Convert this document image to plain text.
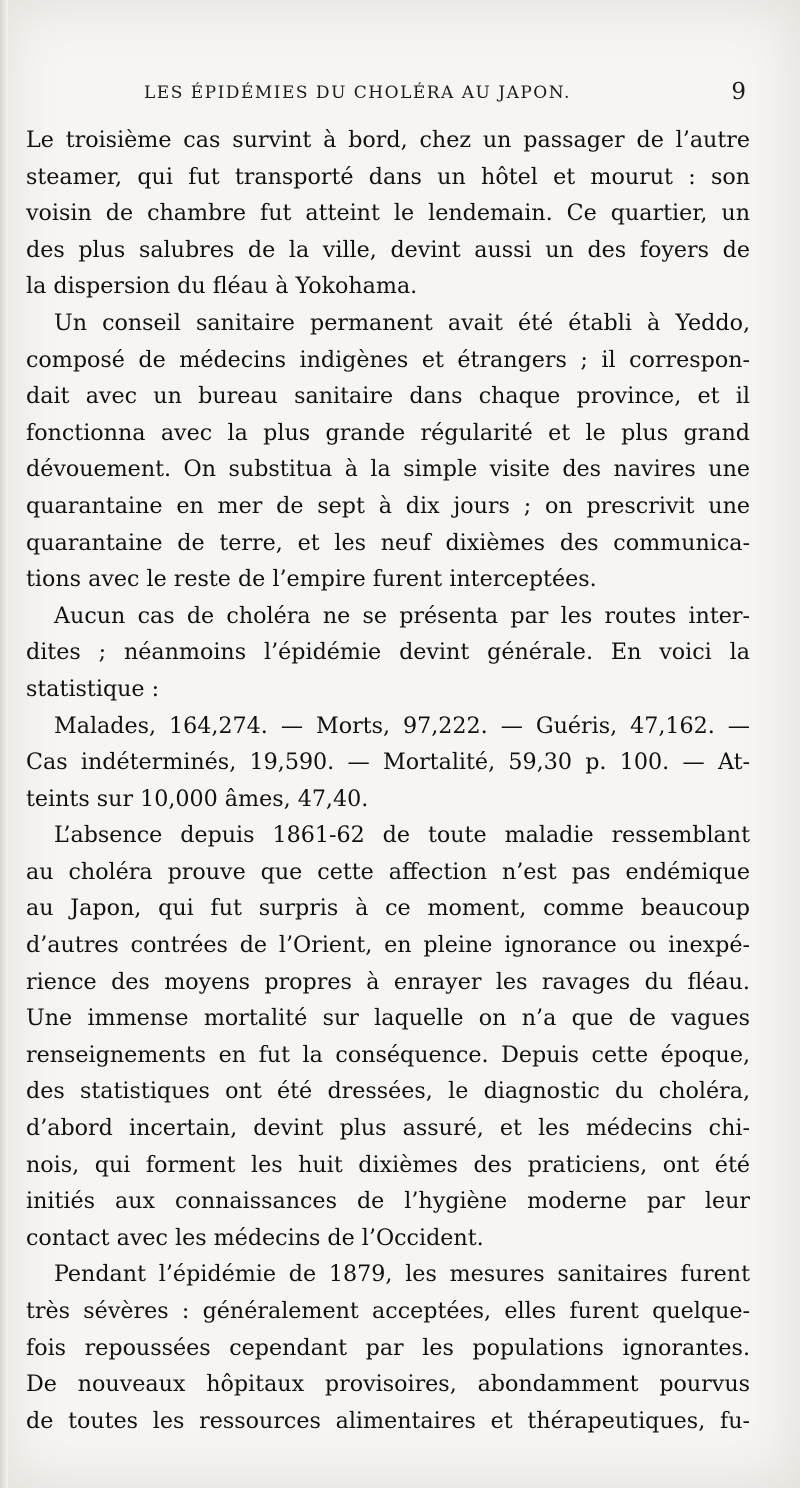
LES ÉPIDÉMIES DU CHOLÉRA AU JAPON.	9
Le troisième cas survint à bord, chez un passager de l’autre
steamer, qui fut transporté dans un hôtel et mourut : son
voisin de chambre fut atteint le lendemain. Ce quartier, un
des plus salubres de la ville, devint aussi un des foyers de
la dispersion du fléau à Yokohama.
Un conseil sanitaire permanent avait été établi à Yeddo,
composé de médecins indigènes et étrangers ; il correspon-
dait avec un bureau sanitaire dans chaque province, et il
fonctionna avec la plus grande régularité et le plus grand
dévouement. On substitua à la simple visite des navires une
quarantaine en mer de sept à dix jours ; on prescrivit une
quarantaine de terre, et les neuf dixièmes des communica-
tions avec le reste de l’empire furent interceptées.
Aucun cas de choléra ne se présenta par les routes inter-
dites ; néanmoins l’épidémie devint générale. En voici la
statistique :
Malades, 164,274. — Morts, 97,222. — Guéris, 47,162. —
Cas indéterminés, 19,590. — Mortalité, 59,30 p. 100. — At-
teints sur 10,000 âmes, 47,40.
L’absence depuis 1861-62 de toute maladie ressemblant
au choléra prouve que cette affection n’est pas endémique
au Japon, qui fut surpris à ce moment, comme beaucoup
d’autres contrées de l’Orient, en pleine ignorance ou inexpé-
rience des moyens propres à enrayer les ravages du fléau.
Une immense mortalité sur laquelle on n’a que de vagues
renseignements en fut la conséquence. Depuis cette époque,
des statistiques ont été dressées, le diagnostic du choléra,
d’abord incertain, devint plus assuré, et les médecins chi-
nois, qui forment les huit dixièmes des praticiens, ont été
initiés aux connaissances de l’hygiène moderne par leur
contact avec les médecins de l’Occident.
Pendant l’épidémie de 1879, les mesures sanitaires furent
très sévères : généralement acceptées, elles furent quelque-
fois repoussées cependant par les populations ignorantes.
De nouveaux hôpitaux provisoires, abondamment pourvus
de toutes les ressources alimentaires et thérapeutiques, fu-
